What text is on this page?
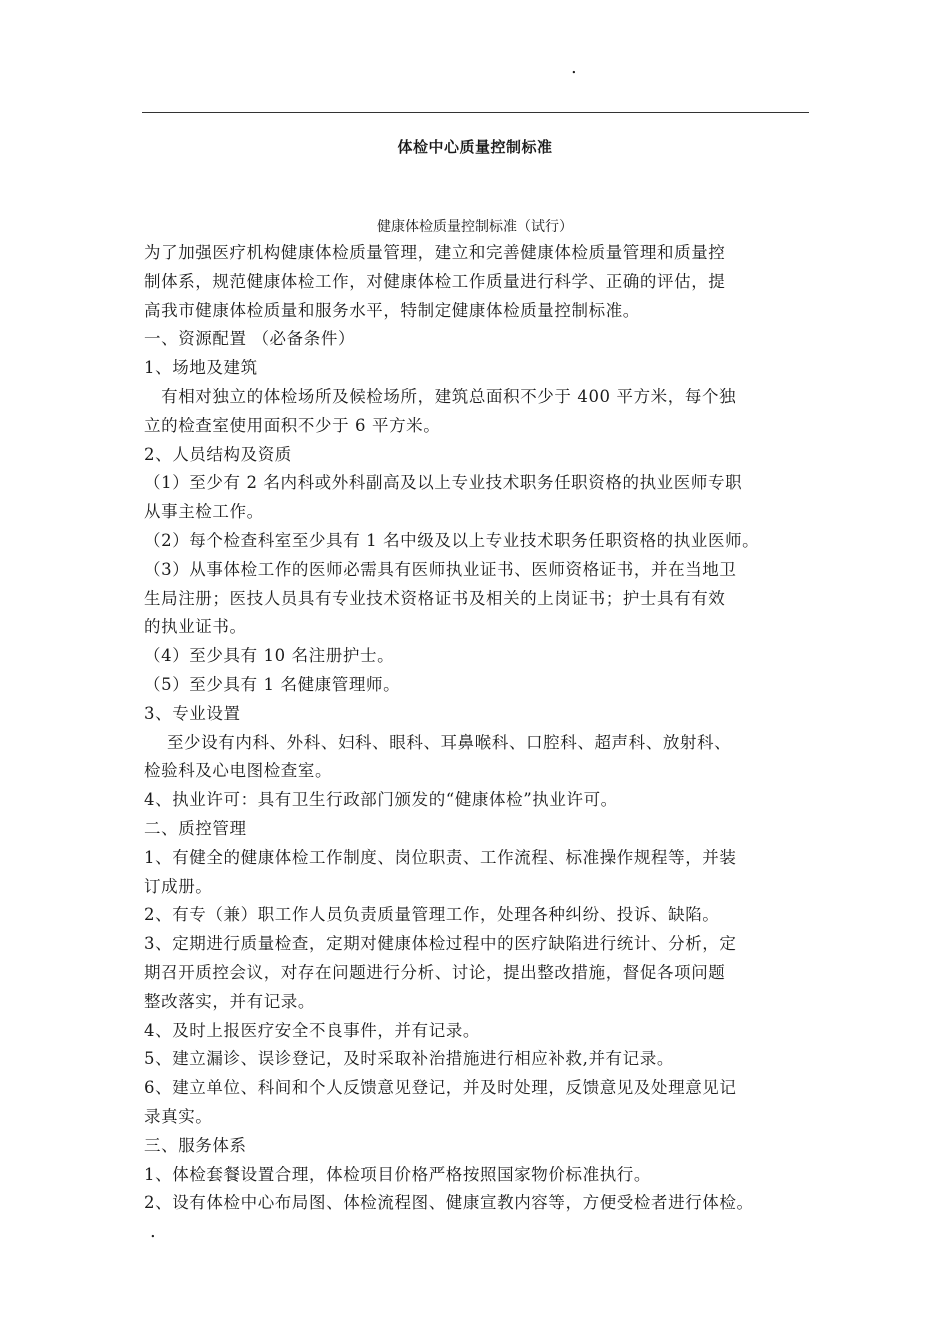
.
体检中心质量控制标准
健康体检质量控制标准（试行）
为了加强医疗机构健康体检质量管理，建立和完善健康体检质量管理和质量控
制体系，规范健康体检工作，对健康体检工作质量进行科学、正确的评估，提
高我市健康体检质量和服务水平，特制定健康体检质量控制标准。
一、资源配置 （必备条件）
1、场地及建筑
　有相对独立的体检场所及候检场所，建筑总面积不少于 400 平方米，每个独
立的检查室使用面积不少于 6 平方米。
2、人员结构及资质
（1）至少有 2 名内科或外科副高及以上专业技术职务任职资格的执业医师专职
从事主检工作。
（2）每个检查科室至少具有 1 名中级及以上专业技术职务任职资格的执业医师。
（3）从事体检工作的医师必需具有医师执业证书、医师资格证书，并在当地卫
生局注册；医技人员具有专业技术资格证书及相关的上岗证书；护士具有有效
的执业证书。
（4）至少具有 10 名注册护士。
（5）至少具有 1 名健康管理师。
3、专业设置
　 至少设有内科、外科、妇科、眼科、耳鼻喉科、口腔科、超声科、放射科、
检验科及心电图检查室。
4、执业许可：具有卫生行政部门颁发的“健康体检”执业许可。
二、质控管理
1、有健全的健康体检工作制度、岗位职责、工作流程、标准操作规程等，并装
订成册。
2、有专（兼）职工作人员负责质量管理工作，处理各种纠纷、投诉、缺陷。
3、定期进行质量检查，定期对健康体检过程中的医疗缺陷进行统计、分析，定
期召开质控会议，对存在问题进行分析、讨论，提出整改措施，督促各项问题
整改落实，并有记录。
4、及时上报医疗安全不良事件，并有记录。
5、建立漏诊、误诊登记，及时采取补治措施进行相应补救,并有记录。
6、建立单位、科间和个人反馈意见登记，并及时处理，反馈意见及处理意见记
录真实。
三、服务体系
1、体检套餐设置合理，体检项目价格严格按照国家物价标准执行。
2、设有体检中心布局图、体检流程图、健康宣教内容等，方便受检者进行体检。
.
